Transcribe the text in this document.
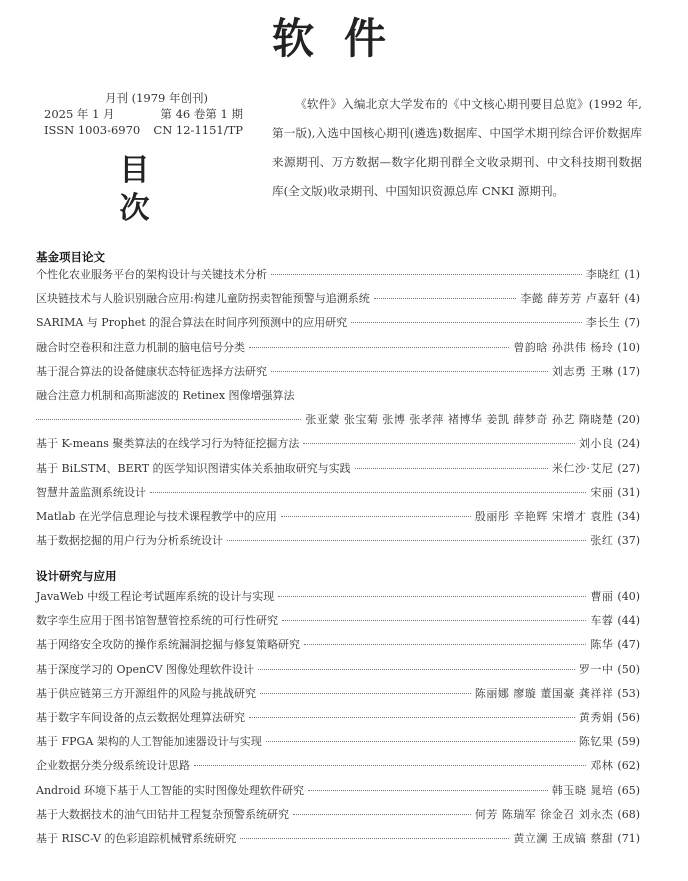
软件
月刊 (1979 年创刊)
2025 年 1 月	第 46 卷第 1 期
ISSN 1003-6970 CN 12-1151/TP
目次
《软件》入编北京大学发布的《中文核心期刊要目总览》(1992 年,第一版),入选中国核心期刊(遴选)数据库、中国学术期刊综合评价数据库来源期刊、万方数据—数字化期刊群全文收录期刊、中文科技期刊数据库(全文版)收录期刊、中国知识资源总库 CNKI 源期刊。
基金项目论文
个性化农业服务平台的架构设计与关键技术分析	李晓红 (1)
区块链技术与人脸识别融合应用:构建儿童防拐卖智能预警与追溯系统	李懿 薛芳芳 卢嘉轩 (4)
SARIMA 与 Prophet 的混合算法在时间序列预测中的应用研究	李长生 (7)
融合时空卷积和注意力机制的脑电信号分类	曾韵晗 孙洪伟 杨玲 (10)
基于混合算法的设备健康状态特征选择方法研究	刘志勇 王琳 (17)
融合注意力机制和高斯滤波的 Retinex 图像增强算法
张亚蒙 张宝菊 张博 张孝萍 褚博华 姜凯 薛梦奇 孙艺 隋晓楚 (20)
基于 K-means 聚类算法的在线学习行为特征挖掘方法	刘小良 (24)
基于 BiLSTM、BERT 的医学知识图谱实体关系抽取研究与实践	米仁沙·艾尼 (27)
智慧井盖监测系统设计	宋丽 (31)
Matlab 在光学信息理论与技术课程教学中的应用	殷丽彤 辛艳辉 宋增才 袁胜 (34)
基于数据挖掘的用户行为分析系统设计	张红 (37)
设计研究与应用
JavaWeb 中级工程论考试题库系统的设计与实现	曹丽 (40)
数字孪生应用于图书馆智慧管控系统的可行性研究	车蓉 (44)
基于网络安全攻防的操作系统漏洞挖掘与修复策略研究	陈华 (47)
基于深度学习的 OpenCV 图像处理软件设计	罗一中 (50)
基于供应链第三方开源组件的风险与挑战研究	陈丽娜 廖璇 董国豪 龚祥祥 (53)
基于数字车间设备的点云数据处理算法研究	黄秀娟 (56)
基于 FPGA 架构的人工智能加速器设计与实现	陈钇果 (59)
企业数据分类分级系统设计思路	邓林 (62)
Android 环境下基于人工智能的实时图像处理软件研究	韩玉晓 晁培 (65)
基于大数据技术的油气田钻井工程复杂预警系统研究	何芳 陈瑞军 徐金召 刘永杰 (68)
基于 RISC-V 的色彩追踪机械臂系统研究	黄立澜 王成镐 蔡甜 (71)
